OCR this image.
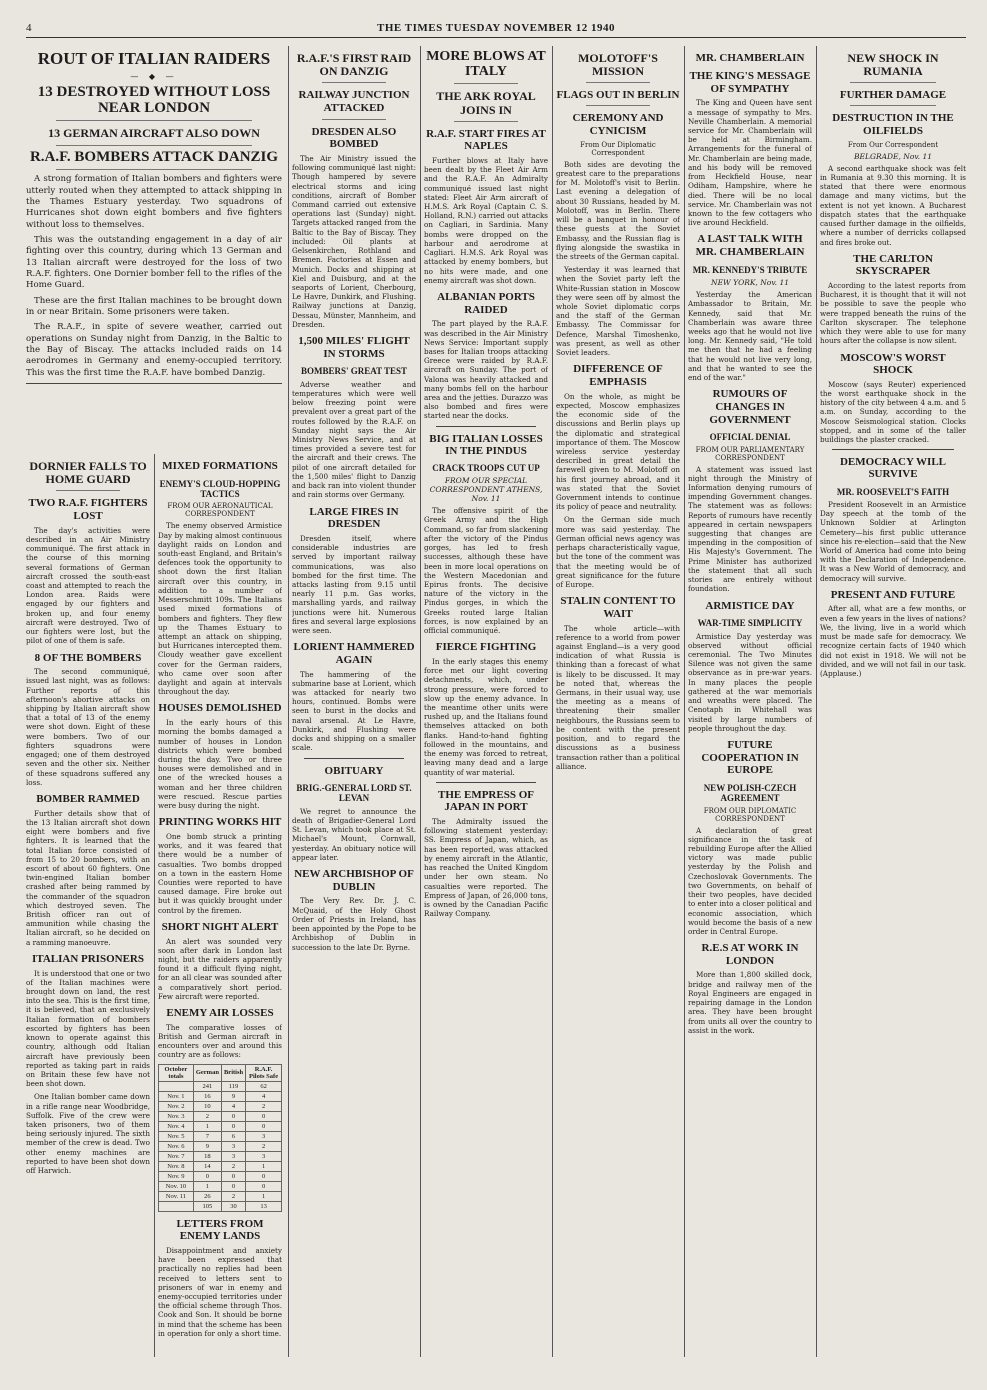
4	THE TIMES TUESDAY NOVEMBER 12 1940
ROUT OF ITALIAN RAIDERS
— ◆ —
13 DESTROYED WITHOUT LOSS NEAR LONDON
13 GERMAN AIRCRAFT ALSO DOWN
R.A.F. BOMBERS ATTACK DANZIG

A strong formation of Italian bombers and fighters were utterly routed when they attempted to attack shipping in the Thames Estuary yesterday. Two squadrons of Hurricanes shot down eight bombers and five fighters without loss to themselves.

This was the outstanding engagement in a day of air fighting over this country, during which 13 German and 13 Italian aircraft were destroyed for the loss of two R.A.F. fighters. One Dornier bomber fell to the rifles of the Home Guard.

These are the first Italian machines to be brought down in or near Britain. Some prisoners were taken.

The R.A.F., in spite of severe weather, carried out operations on Sunday night from Danzig, in the Baltic to the Bay of Biscay. The attacks included raids on 14 aerodromes in Germany and enemy-occupied territory. This was the first time the R.A.F. have bombed Danzig.

DORNIER FALLS TO HOME GUARD
TWO R.A.F. FIGHTERS LOST

The day's activities were described in an Air Ministry communiqué. The first attack in the course of this morning several formations of German aircraft crossed the south-east coast and attempted to reach the London area. Raids were engaged by our fighters and broken up, and four enemy aircraft were destroyed. Two of our fighters were lost, but the pilot of one of them is safe.

8 OF THE BOMBERS

The second communiqué, issued last night, was as follows: Further reports of this afternoon's abortive attacks on shipping by Italian aircraft show that a total of 13 of the enemy were shot down. Eight of these were bombers. Two of our fighters squadrons were engaged; one of them destroyed seven and the other six. Neither of these squadrons suffered any loss.

BOMBER RAMMED

Further details show that of the 13 Italian aircraft shot down eight were bombers and five fighters. It is learned that the total Italian force consisted of from 15 to 20 bombers, with an escort of about 60 fighters. One twin-engined Italian bomber crashed after being rammed by the commander of the squadron which destroyed seven. The British officer ran out of ammunition while chasing the Italian aircraft, so he decided on a ramming manoeuvre.

ITALIAN PRISONERS

It is understood that one or two of the Italian machines were brought down on land, the rest into the sea. This is the first time, it is believed, that an exclusively Italian formation of bombers escorted by fighters has been known to operate against this country, although odd Italian aircraft have previously been reported as taking part in raids on Britain these few have not been shot down.

One Italian bomber came down in a rifle range near Woodbridge, Suffolk. Five of the crew were taken prisoners, two of them being seriously injured. The sixth member of the crew is dead. Two other enemy machines are reported to have been shot down off Harwich.

MIXED FORMATIONS
ENEMY'S CLOUD-HOPPING TACTICS
FROM OUR AERONAUTICAL CORRESPONDENT

The enemy observed Armistice Day by making almost continuous daylight raids on London and south-east England, and Britain's defences took the opportunity to shoot down the first Italian aircraft over this country, in addition to a number of Messerschmitt 109s. The Italians used mixed formations of bombers and fighters. They flew up the Thames Estuary to attempt an attack on shipping, but Hurricanes intercepted them. Cloudy weather gave excellent cover for the German raiders, who came over soon after daylight and again at intervals throughout the day.

HOUSES DEMOLISHED

In the early hours of this morning the bombs damaged a number of houses in London districts which were bombed during the day. Two or three houses were demolished and in one of the wrecked houses a woman and her three children were rescued. Rescue parties were busy during the night.

PRINTING WORKS HIT

One bomb struck a printing works, and it was feared that there would be a number of casualties. Two bombs dropped on a town in the eastern Home Counties were reported to have caused damage. Fire broke out but it was quickly brought under control by the firemen.

SHORT NIGHT ALERT

An alert was sounded very soon after dark in London last night, but the raiders apparently found it a difficult flying night, for an all clear was sounded after a comparatively short period. Few aircraft were reported.

ENEMY AIR LOSSES

The comparative losses of British and German aircraft in encounters over and around this country are as follows:

October totals	German	British	R.A.F. Pilots Safe
	241	119	62
Nov. 1	16	9	4
Nov. 2	10	4	2
Nov. 3	2	0	0
Nov. 4	1	0	0
Nov. 5	7	6	3
Nov. 6	9	3	2
Nov. 7	18	3	3
Nov. 8	14	2	1
Nov. 9	0	0	0
Nov. 10	1	0	0
Nov. 11	26	2	1
	105	30	13
LETTERS FROM ENEMY LANDS

Disappointment and anxiety have been expressed that practically no replies had been received to letters sent to prisoners of war in enemy and enemy-occupied territories under the official scheme through Thos. Cook and Son. It should be borne in mind that the scheme has been in operation for only a short time.

R.A.F.'S FIRST RAID ON DANZIG
RAILWAY JUNCTION ATTACKED
DRESDEN ALSO BOMBED

The Air Ministry issued the following communiqué last night: Though hampered by severe electrical storms and icing conditions, aircraft of Bomber Command carried out extensive operations last (Sunday) night. Targets attacked ranged from the Baltic to the Bay of Biscay. They included: Oil plants at Gelsenkirchen, Rothland and Bremen. Factories at Essen and Munich. Docks and shipping at Kiel and Duisburg, and at the seaports of Lorient, Cherbourg, Le Havre, Dunkirk, and Flushing. Railway junctions at Danzig, Dessau, Münster, Mannheim, and Dresden.

1,500 MILES' FLIGHT IN STORMS
BOMBERS' GREAT TEST

Adverse weather and temperatures which were well below freezing point were prevalent over a great part of the routes followed by the R.A.F. on Sunday night says the Air Ministry News Service, and at times provided a severe test for the aircraft and their crews. The pilot of one aircraft detailed for the 1,500 miles' flight to Danzig and back ran into violent thunder and rain storms over Germany.

LARGE FIRES IN DRESDEN

Dresden itself, where considerable industries are served by important railway communications, was also bombed for the first time. The attacks lasting from 9.15 until nearly 11 p.m. Gas works, marshalling yards, and railway junctions were hit. Numerous fires and several large explosions were seen.

LORIENT HAMMERED AGAIN

The hammering of the submarine base at Lorient, which was attacked for nearly two hours, continued. Bombs were seen to burst in the docks and naval arsenal. At Le Havre, Dunkirk, and Flushing were docks and shipping on a smaller scale.

OBITUARY
BRIG.-GENERAL LORD ST. LEVAN

We regret to announce the death of Brigadier-General Lord St. Levan, which took place at St. Michael's Mount, Cornwall, yesterday. An obituary notice will appear later.

NEW ARCHBISHOP OF DUBLIN

The Very Rev. Dr. J. C. McQuaid, of the Holy Ghost Order of Priests in Ireland, has been appointed by the Pope to be Archbishop of Dublin in succession to the late Dr. Byrne.

MORE BLOWS AT ITALY
THE ARK ROYAL JOINS IN
R.A.F. START FIRES AT NAPLES

Further blows at Italy have been dealt by the Fleet Air Arm and the R.A.F. An Admiralty communiqué issued last night stated: Fleet Air Arm aircraft of H.M.S. Ark Royal (Captain C. S. Holland, R.N.) carried out attacks on Cagliari, in Sardinia. Many bombs were dropped on the harbour and aerodrome at Cagliari. H.M.S. Ark Royal was attacked by enemy bombers, but no hits were made, and one enemy aircraft was shot down.

ALBANIAN PORTS RAIDED

The part played by the R.A.F. was described in the Air Ministry News Service: Important supply bases for Italian troops attacking Greece were raided by R.A.F. aircraft on Sunday. The port of Valona was heavily attacked and many bombs fell on the harbour area and the jetties. Durazzo was also bombed and fires were started near the docks.

BIG ITALIAN LOSSES IN THE PINDUS
CRACK TROOPS CUT UP
FROM OUR SPECIAL CORRESPONDENT ATHENS, Nov. 11

The offensive spirit of the Greek Army and the High Command, so far from slackening after the victory of the Pindus gorges, has led to fresh successes, although these have been in more local operations on the Western Macedonian and Epirus fronts. The decisive nature of the victory in the Pindus gorges, in which the Greeks routed large Italian forces, is now explained by an official communiqué.

FIERCE FIGHTING

In the early stages this enemy force met our light covering detachments, which, under strong pressure, were forced to slow up the enemy advance. In the meantime other units were rushed up, and the Italians found themselves attacked on both flanks. Hand-to-hand fighting followed in the mountains, and the enemy was forced to retreat, leaving many dead and a large quantity of war material.

THE EMPRESS OF JAPAN IN PORT

The Admiralty issued the following statement yesterday: SS. Empress of Japan, which, as has been reported, was attacked by enemy aircraft in the Atlantic, has reached the United Kingdom under her own steam. No casualties were reported. The Empress of Japan, of 26,000 tons, is owned by the Canadian Pacific Railway Company.

MOLOTOFF'S MISSION
FLAGS OUT IN BERLIN
CEREMONY AND CYNICISM
From Our Diplomatic Correspondent

Both sides are devoting the greatest care to the preparations for M. Molotoff's visit to Berlin. Last evening a delegation of about 30 Russians, headed by M. Molotoff, was in Berlin. There will be a banquet in honour of these guests at the Soviet Embassy, and the Russian flag is flying alongside the swastika in the streets of the German capital.

Yesterday it was learned that when the Soviet party left the White-Russian station in Moscow they were seen off by almost the whole Soviet diplomatic corps and the staff of the German Embassy. The Commissar for Defence, Marshal Timoshenko, was present, as well as other Soviet leaders.

DIFFERENCE OF EMPHASIS

On the whole, as might be expected, Moscow emphasizes the economic side of the discussions and Berlin plays up the diplomatic and strategical importance of them. The Moscow wireless service yesterday described in great detail the farewell given to M. Molotoff on his first journey abroad, and it was stated that the Soviet Government intends to continue its policy of peace and neutrality.

On the German side much more was said yesterday. The German official news agency was perhaps characteristically vague, but the tone of the comment was that the meeting would be of great significance for the future of Europe.

STALIN CONTENT TO WAIT

The whole article—with reference to a world from power against England—is a very good indication of what Russia is thinking than a forecast of what is likely to be discussed. It may be noted that, whereas the Germans, in their usual way, use the meeting as a means of threatening their smaller neighbours, the Russians seem to be content with the present position, and to regard the discussions as a business transaction rather than a political alliance.

MR. CHAMBERLAIN
THE KING'S MESSAGE OF SYMPATHY

The King and Queen have sent a message of sympathy to Mrs. Neville Chamberlain. A memorial service for Mr. Chamberlain will be held at Birmingham. Arrangements for the funeral of Mr. Chamberlain are being made, and his body will be removed from Heckfield House, near Odiham, Hampshire, where he died. There will be no local service. Mr. Chamberlain was not known to the few cottagers who live around Heckfield.

A LAST TALK WITH MR. CHAMBERLAIN
MR. KENNEDY'S TRIBUTE
NEW YORK, Nov. 11

Yesterday the American Ambassador to Britain, Mr. Kennedy, said that Mr. Chamberlain was aware three weeks ago that he would not live long. Mr. Kennedy said, "He told me then that he had a feeling that he would not live very long, and that he wanted to see the end of the war."

RUMOURS OF CHANGES IN GOVERNMENT
OFFICIAL DENIAL
FROM OUR PARLIAMENTARY CORRESPONDENT

A statement was issued last night through the Ministry of Information denying rumours of impending Government changes. The statement was as follows: Reports of rumours have recently appeared in certain newspapers suggesting that changes are impending in the composition of His Majesty's Government. The Prime Minister has authorized the statement that all such stories are entirely without foundation.

ARMISTICE DAY
WAR-TIME SIMPLICITY

Armistice Day yesterday was observed without official ceremonial. The Two Minutes Silence was not given the same observance as in pre-war years. In many places the people gathered at the war memorials and wreaths were placed. The Cenotaph in Whitehall was visited by large numbers of people throughout the day.

FUTURE COOPERATION IN EUROPE
NEW POLISH-CZECH AGREEMENT
FROM OUR DIPLOMATIC CORRESPONDENT

A declaration of great significance in the task of rebuilding Europe after the Allied victory was made public yesterday by the Polish and Czechoslovak Governments. The two Governments, on behalf of their two peoples, have decided to enter into a closer political and economic association, which would become the basis of a new order in Central Europe.

R.E.S AT WORK IN LONDON

More than 1,800 skilled dock, bridge and railway men of the Royal Engineers are engaged in repairing damage in the London area. They have been brought from units all over the country to assist in the work.

NEW SHOCK IN RUMANIA
FURTHER DAMAGE
DESTRUCTION IN THE OILFIELDS
From Our Correspondent
BELGRADE, Nov. 11

A second earthquake shock was felt in Rumania at 9.30 this morning. It is stated that there were enormous damage and many victims, but the extent is not yet known. A Bucharest dispatch states that the earthquake caused further damage in the oilfields, where a number of derricks collapsed and fires broke out.

THE CARLTON SKYSCRAPER

According to the latest reports from Bucharest, it is thought that it will not be possible to save the people who were trapped beneath the ruins of the Carlton skyscraper. The telephone which they were able to use for many hours after the collapse is now silent.

MOSCOW'S WORST SHOCK

Moscow (says Reuter) experienced the worst earthquake shock in the history of the city between 4 a.m. and 5 a.m. on Sunday, according to the Moscow Seismological station. Clocks stopped, and in some of the taller buildings the plaster cracked.

DEMOCRACY WILL SURVIVE
MR. ROOSEVELT'S FAITH

President Roosevelt in an Armistice Day speech at the tomb of the Unknown Soldier at Arlington Cemetery—his first public utterance since his re-election—said that the New World of America had come into being with the Declaration of Independence. It was a New World of democracy, and democracy will survive.

PRESENT AND FUTURE

After all, what are a few months, or even a few years in the lives of nations? We, the living, live in a world which must be made safe for democracy. We recognize certain facts of 1940 which did not exist in 1918. We will not be divided, and we will not fail in our task. (Applause.)
